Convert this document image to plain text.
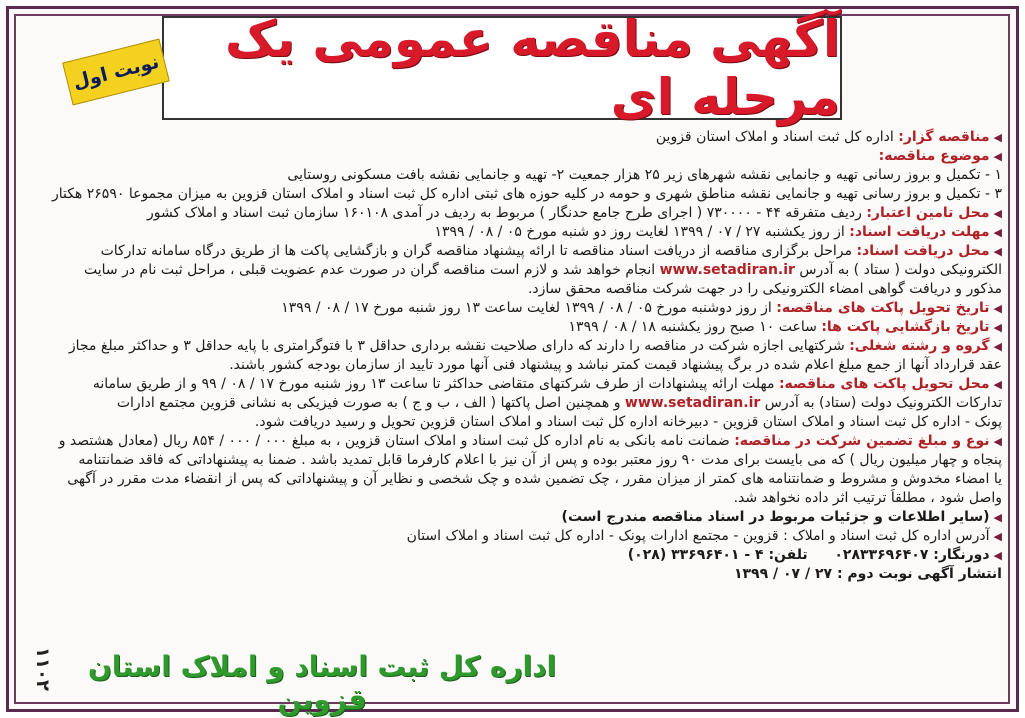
آگهی مناقصه عمومی یک مرحله ای
نوبت اول
◀مناقصه گزار: اداره کل ثبت اسناد و املاک استان قزوین
◀موضوع مناقصه:
۱ - تکمیل و بروز رسانی تهیه و جانمایی نقشه شهرهای زیر ۲۵ هزار جمعیت ۲- تهیه و جانمایی نقشه بافت مسکونی روستایی
۳ - تکمیل و بروز رسانی تهیه و جانمایی نقشه مناطق شهری و حومه در کلیه حوزه های ثبتی اداره کل ثبت اسناد و املاک استان قزوین به میزان مجموعا ۲۶۵۹۰ هکتار
◀محل تامین اعتبار: ردیف متفرقه ۴۴ - ۷۳۰۰۰۰ ( اجرای طرح جامع حدنگار ) مربوط به ردیف در آمدی ۱۶۰۱۰۸ سازمان ثبت اسناد و املاک کشور
◀مهلت دریافت اسناد: از روز یکشنبه ۲۷ / ۰۷ / ۱۳۹۹ لغایت روز دو شنبه مورخ ۰۵ / ۰۸ / ۱۳۹۹
◀محل دریافت اسناد: مراحل برگزاری مناقصه از دریافت اسناد مناقصه تا ارائه پیشنهاد مناقصه گران و بازگشایی پاکت ها از طریق درگاه سامانه تدارکات
الکترونیکی دولت ( ستاد ) به آدرس www.setadiran.ir انجام خواهد شد و لازم است مناقصه گران در صورت عدم عضویت قبلی ، مراحل ثبت نام در سایت
مذکور و دریافت گواهی امضاء الکترونیکی را در جهت شرکت مناقصه محقق سازد.
◀تاریخ تحویل پاکت های مناقصه: از روز دوشنبه مورخ ۰۵ / ۰۸ / ۱۳۹۹ لغایت ساعت ۱۳ روز شنبه مورخ ۱۷ / ۰۸ / ۱۳۹۹
◀تاریخ بازگشایی پاکت ها: ساعت ۱۰ صبح روز یکشنبه ۱۸ / ۰۸ / ۱۳۹۹
◀گروه و رشته شغلی: شرکتهایی اجازه شرکت در مناقصه را دارند که دارای صلاحیت نقشه برداری حداقل ۳ با فتوگرامتری با پایه حداقل ۳ و حداکثر مبلغ مجاز
عقد قرارداد آنها از جمع مبلغ اعلام شده در برگ پیشنهاد قیمت کمتر نباشد و پیشنهاد فنی آنها مورد تایید از سازمان بودجه کشور باشند.
◀محل تحویل پاکت های مناقصه: مهلت ارائه پیشنهادات از طرف شرکتهای متقاضی حداکثر تا ساعت ۱۳ روز شنبه مورخ ۱۷ / ۰۸ / ۹۹ و از طریق سامانه
تدارکات الکترونیک دولت (ستاد) به آدرس www.setadiran.ir و همچنین اصل پاکتها ( الف ، ب و ج ) به صورت فیزیکی به نشانی قزوین مجتمع ادارات
پونک - اداره کل ثبت اسناد و املاک استان قزوین - دبیرخانه اداره کل ثبت اسناد و املاک استان قزوین تحویل و رسید دریافت شود.
◀نوع و مبلغ تضمین شرکت در مناقصه: ضمانت نامه بانکی به نام اداره کل ثبت اسناد و املاک استان قزوین ، به مبلغ ۰۰۰ / ۰۰۰ / ۸۵۴ ریال (معادل هشتصد و
پنجاه و چهار میلیون ریال ) که می بایست برای مدت ۹۰ روز معتبر بوده و پس از آن نیز با اعلام کارفرما قابل تمدید باشد . ضمنا به پیشنهاداتی که فاقد ضمانتنامه
یا امضاء مخدوش و مشروط و ضمانتنامه های کمتر از میزان مقرر ، چک تضمین شده و چک شخصی و نظایر آن و پیشنهاداتی که پس از انقضاء مدت مقرر در آگهی
واصل شود ، مطلقاً ترتیب اثر داده نخواهد شد.
◀(سایر اطلاعات و جزئیات مربوط در اسناد مناقصه مندرج است)
◀آدرس اداره کل ثبت اسناد و املاک : قزوین - مجتمع ادارات پونک - اداره کل ثبت اسناد و املاک استان
◀دورنگار: ۰۲۸۳۳۶۹۶۴۰۷      تلفن: ۴ - ۳۳۶۹۶۴۰۱ (۰۲۸)
انتشار آگهی نوبت دوم : ۲۷ / ۰۷ / ۱۳۹۹
اداره کل ثبت اسناد و املاک استان قزوین
۱۱۰۲
